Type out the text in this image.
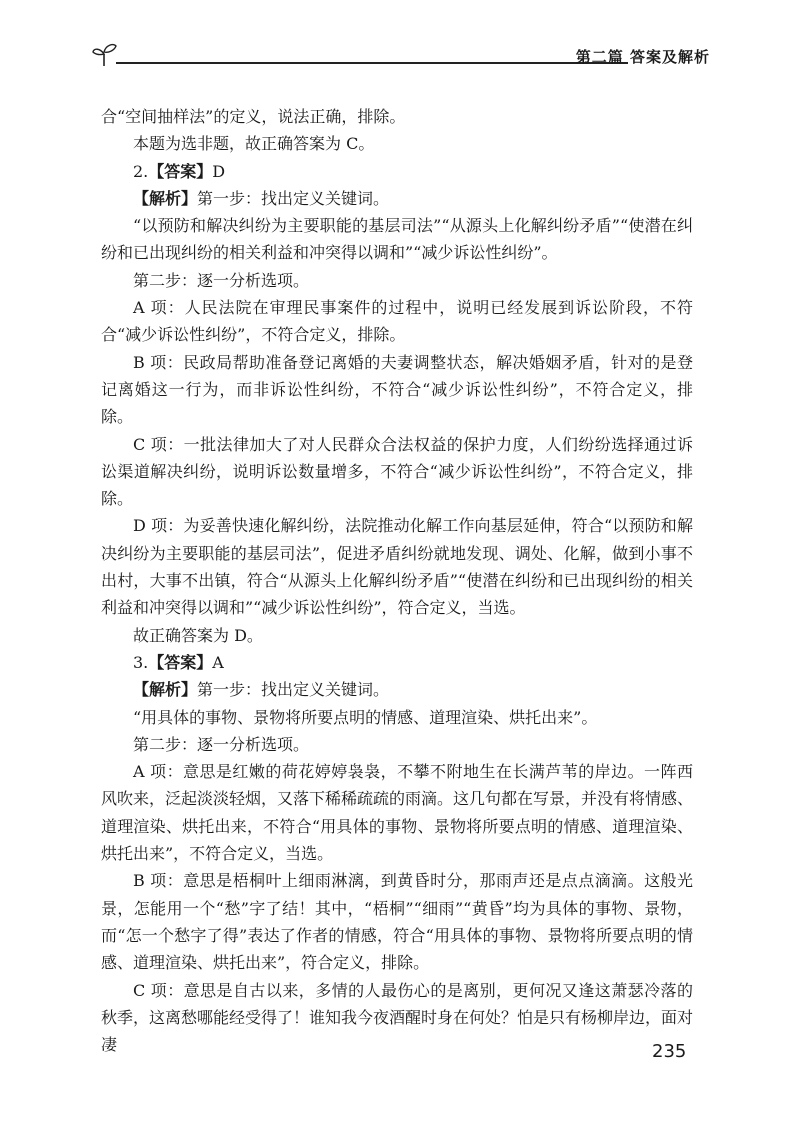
第二篇 答案及解析

合“空间抽样法”的定义，说法正确，排除。

本题为选非题，故正确答案为 C。

2.【答案】D

【解析】第一步：找出定义关键词。

“以预防和解决纠纷为主要职能的基层司法”“从源头上化解纠纷矛盾”“使潜在纠纷和已出现纠纷的相关利益和冲突得以调和”“减少诉讼性纠纷”。

第二步：逐一分析选项。

A 项：人民法院在审理民事案件的过程中，说明已经发展到诉讼阶段，不符合“减少诉讼性纠纷”，不符合定义，排除。

B 项：民政局帮助准备登记离婚的夫妻调整状态，解决婚姻矛盾，针对的是登记离婚这一行为，而非诉讼性纠纷，不符合“减少诉讼性纠纷”，不符合定义，排除。

C 项：一批法律加大了对人民群众合法权益的保护力度，人们纷纷选择通过诉讼渠道解决纠纷，说明诉讼数量增多，不符合“减少诉讼性纠纷”，不符合定义，排除。

D 项：为妥善快速化解纠纷，法院推动化解工作向基层延伸，符合“以预防和解决纠纷为主要职能的基层司法”，促进矛盾纠纷就地发现、调处、化解，做到小事不出村，大事不出镇，符合“从源头上化解纠纷矛盾”“使潜在纠纷和已出现纠纷的相关利益和冲突得以调和”“减少诉讼性纠纷”，符合定义，当选。

故正确答案为 D。

3.【答案】A

【解析】第一步：找出定义关键词。

“用具体的事物、景物将所要点明的情感、道理渲染、烘托出来”。

第二步：逐一分析选项。

A 项：意思是红嫩的荷花婷婷袅袅，不攀不附地生在长满芦苇的岸边。一阵西风吹来，泛起淡淡轻烟，又落下稀稀疏疏的雨滴。这几句都在写景，并没有将情感、道理渲染、烘托出来，不符合“用具体的事物、景物将所要点明的情感、道理渲染、烘托出来”，不符合定义，当选。

B 项：意思是梧桐叶上细雨淋漓，到黄昏时分，那雨声还是点点滴滴。这般光景，怎能用一个“愁”字了结！其中，“梧桐”“细雨”“黄昏”均为具体的事物、景物，而“怎一个愁字了得”表达了作者的情感，符合“用具体的事物、景物将所要点明的情感、道理渲染、烘托出来”，符合定义，排除。

C 项：意思是自古以来，多情的人最伤心的是离别，更何况又逢这萧瑟冷落的秋季，这离愁哪能经受得了！谁知我今夜酒醒时身在何处？怕是只有杨柳岸边，面对凄	235
